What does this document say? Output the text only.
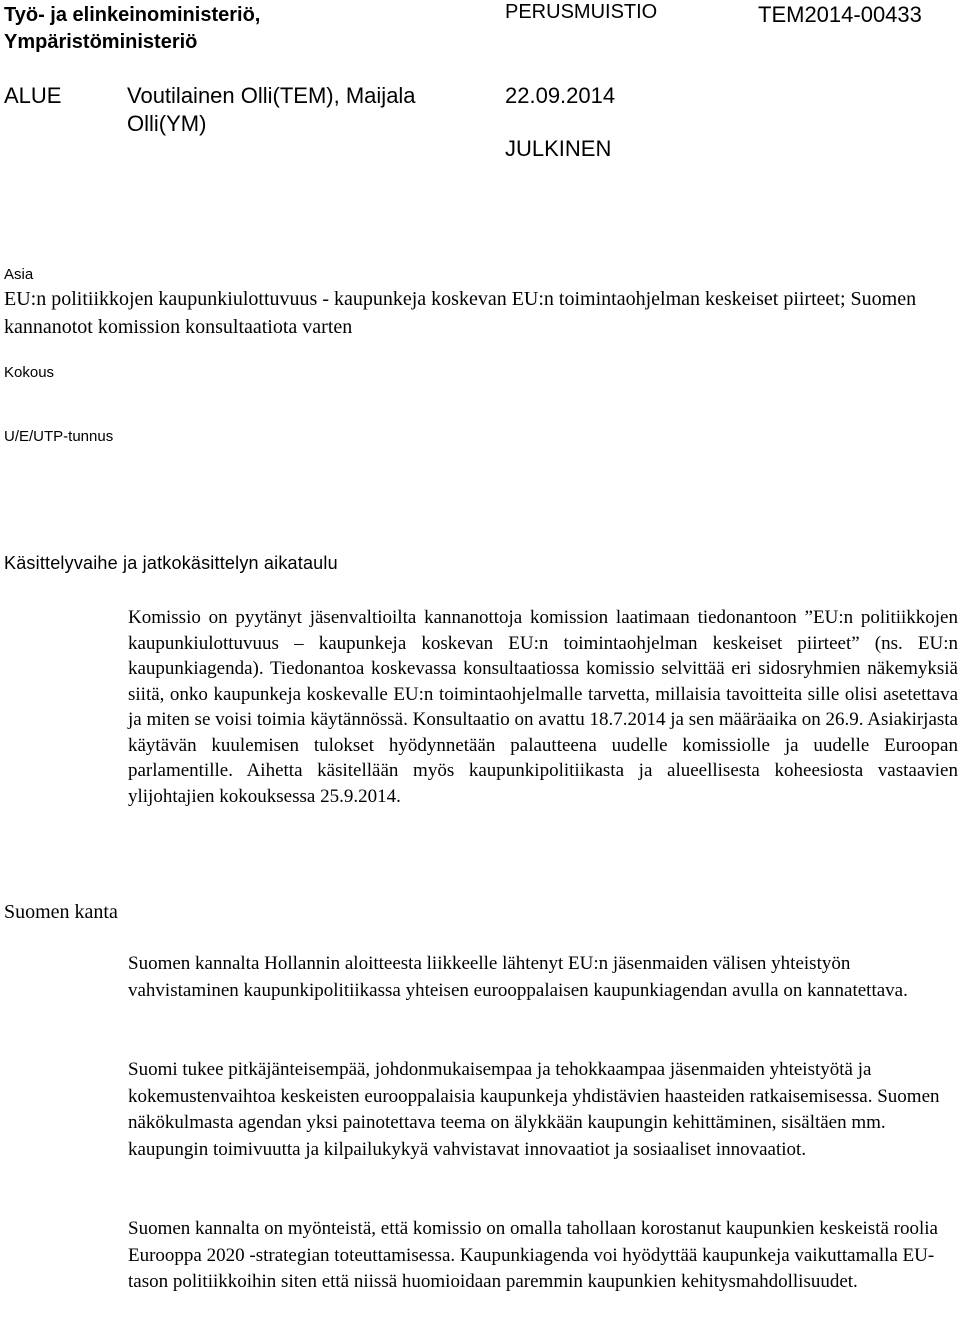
Työ- ja elinkeinoministeriö, Ympäristöministeriö
PERUSMUISTIO	TEM2014-00433
ALUE	Voutilainen Olli(TEM), Maijala Olli(YM)
22.09.2014
JULKINEN
Asia
EU:n politiikkojen kaupunkiulottuvuus - kaupunkeja koskevan EU:n toimintaohjelman keskeiset piirteet; Suomen kannanotot komission konsultaatiota varten
Kokous
U/E/UTP-tunnus
Käsittelyvaihe ja jatkokäsittelyn aikataulu
Komissio on pyytänyt jäsenvaltioilta kannanottoja komission laatimaan tiedonantoon ”EU:n politiikkojen kaupunkiulottuvuus – kaupunkeja koskevan EU:n toimintaohjelman keskeiset piirteet” (ns. EU:n kaupunkiagenda). Tiedonantoa koskevassa konsultaatiossa komissio selvittää eri sidosryhmien näkemyksiä siitä, onko kaupunkeja koskevalle EU:n toimintaohjelmalle tarvetta, millaisia tavoitteita sille olisi asetettava ja miten se voisi toimia käytännössä. Konsultaatio on avattu 18.7.2014 ja sen määräaika on 26.9. Asiakirjasta käytävän kuulemisen tulokset hyödynnetään palautteena uudelle komissiolle ja uudelle Euroopan parlamentille. Aihetta käsitellään myös kaupunkipolitiikasta ja alueellisesta koheesiosta vastaavien ylijohtajien kokouksessa 25.9.2014.
Suomen kanta

Suomen kannalta Hollannin aloitteesta liikkeelle lähtenyt EU:n jäsenmaiden välisen yhteistyön vahvistaminen kaupunkipolitiikassa yhteisen eurooppalaisen kaupunkiagendan avulla on kannatettava.

Suomi tukee pitkäjänteisempää, johdonmukaisempaa ja tehokkaampaa jäsenmaiden yhteistyötä ja kokemustenvaihtoa keskeisten eurooppalaisia kaupunkeja yhdistävien haasteiden ratkaisemisessa. Suomen näkökulmasta agendan yksi painotettava teema on älykkään kaupungin kehittäminen, sisältäen mm. kaupungin toimivuutta ja kilpailukykyä vahvistavat innovaatiot ja sosiaaliset innovaatiot.

Suomen kannalta on myönteistä, että komissio on omalla tahollaan korostanut kaupunkien keskeistä roolia Eurooppa 2020 -strategian toteuttamisessa. Kaupunkiagenda voi hyödyttää kaupunkeja vaikuttamalla EU-tason politiikkoihin siten että niissä huomioidaan paremmin kaupunkien kehitysmahdollisuudet.
